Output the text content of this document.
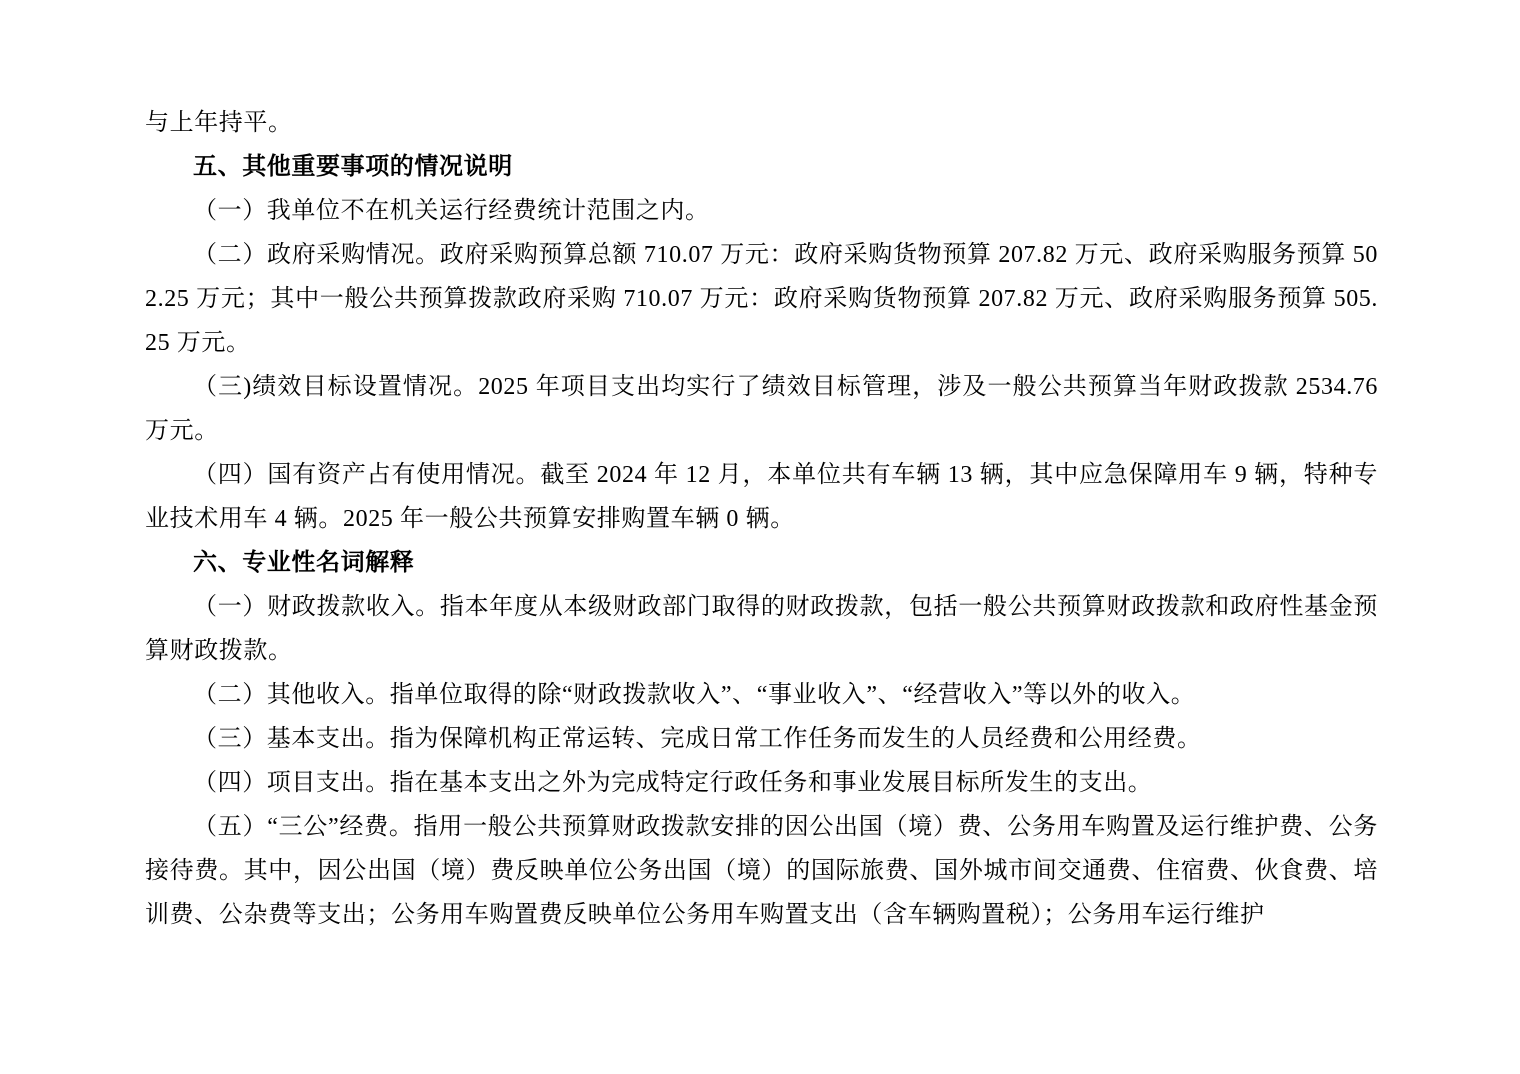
与上年持平。

五、其他重要事项的情况说明

（一）我单位不在机关运行经费统计范围之内。

（二）政府采购情况。政府采购预算总额 710.07 万元：政府采购货物预算 207.82 万元、政府采购服务预算 502.25 万元；其中一般公共预算拨款政府采购 710.07 万元：政府采购货物预算 207.82 万元、政府采购服务预算 505.25 万元。

（三)绩效目标设置情况。2025 年项目支出均实行了绩效目标管理，涉及一般公共预算当年财政拨款 2534.76 万元。

（四）国有资产占有使用情况。截至 2024 年 12 月，本单位共有车辆 13 辆，其中应急保障用车 9 辆，特种专业技术用车 4 辆。2025 年一般公共预算安排购置车辆 0 辆。

六、专业性名词解释

（一）财政拨款收入。指本年度从本级财政部门取得的财政拨款，包括一般公共预算财政拨款和政府性基金预算财政拨款。

（二）其他收入。指单位取得的除“财政拨款收入”、“事业收入”、“经营收入”等以外的收入。

（三）基本支出。指为保障机构正常运转、完成日常工作任务而发生的人员经费和公用经费。

（四）项目支出。指在基本支出之外为完成特定行政任务和事业发展目标所发生的支出。

（五）“三公”经费。指用一般公共预算财政拨款安排的因公出国（境）费、公务用车购置及运行维护费、公务接待费。其中，因公出国（境）费反映单位公务出国（境）的国际旅费、国外城市间交通费、住宿费、伙食费、培训费、公杂费等支出；公务用车购置费反映单位公务用车购置支出（含车辆购置税）；公务用车运行维护
